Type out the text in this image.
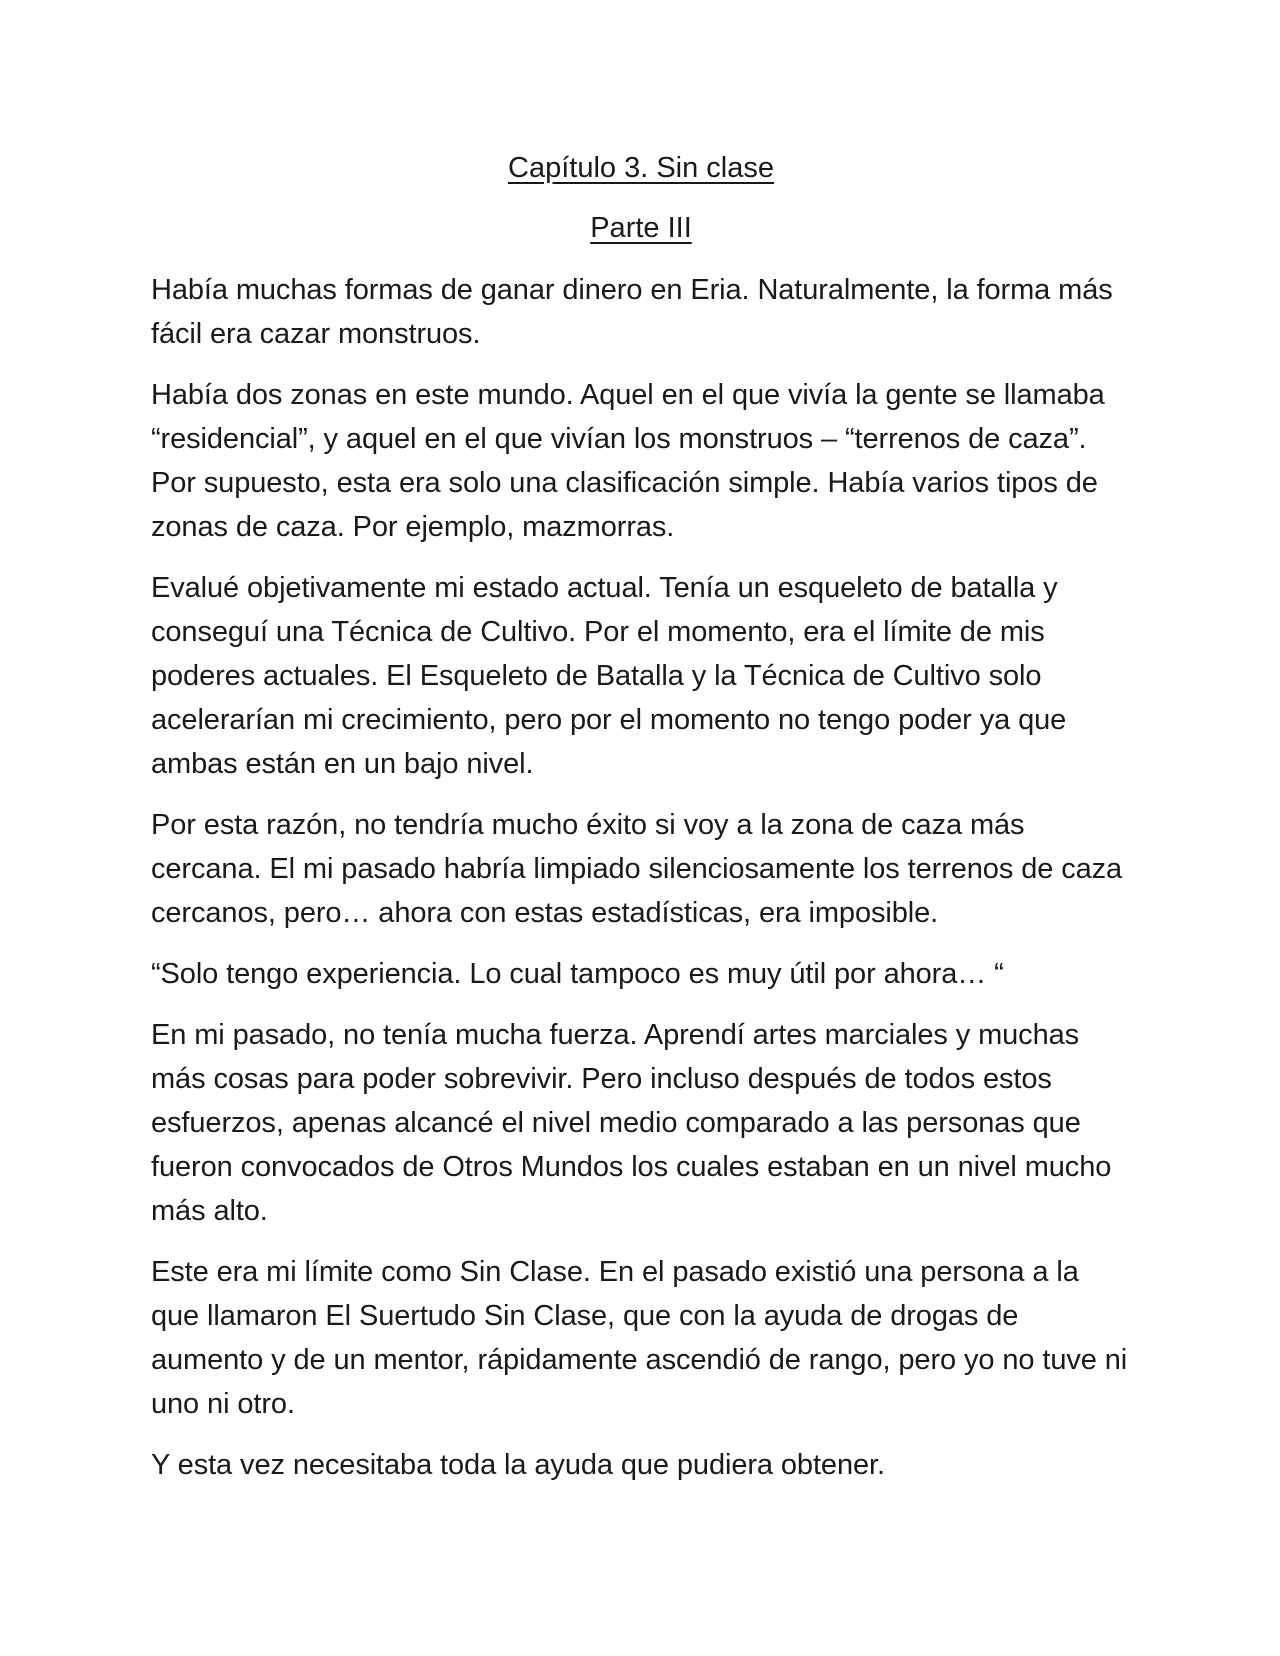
Capítulo 3. Sin clase

Parte III

Había muchas formas de ganar dinero en Eria. Naturalmente, la forma más fácil era cazar monstruos.

Había dos zonas en este mundo. Aquel en el que vivía la gente se llamaba “residencial”, y aquel en el que vivían los monstruos – “terrenos de caza”. Por supuesto, esta era solo una clasificación simple. Había varios tipos de zonas de caza. Por ejemplo, mazmorras.

Evalué objetivamente mi estado actual. Tenía un esqueleto de batalla y conseguí una Técnica de Cultivo. Por el momento, era el límite de mis poderes actuales. El Esqueleto de Batalla y la Técnica de Cultivo solo acelerarían mi crecimiento, pero por el momento no tengo poder ya que ambas están en un bajo nivel.

Por esta razón, no tendría mucho éxito si voy a la zona de caza más cercana. El mi pasado habría limpiado silenciosamente los terrenos de caza cercanos, pero… ahora con estas estadísticas, era imposible.

“Solo tengo experiencia. Lo cual tampoco es muy útil por ahora… “

En mi pasado, no tenía mucha fuerza. Aprendí artes marciales y muchas más cosas para poder sobrevivir. Pero incluso después de todos estos esfuerzos, apenas alcancé el nivel medio comparado a las personas que fueron convocados de Otros Mundos los cuales estaban en un nivel mucho más alto.

Este era mi límite como Sin Clase. En el pasado existió una persona a la que llamaron El Suertudo Sin Clase, que con la ayuda de drogas de aumento y de un mentor, rápidamente ascendió de rango, pero yo no tuve ni uno ni otro.

Y esta vez necesitaba toda la ayuda que pudiera obtener.
